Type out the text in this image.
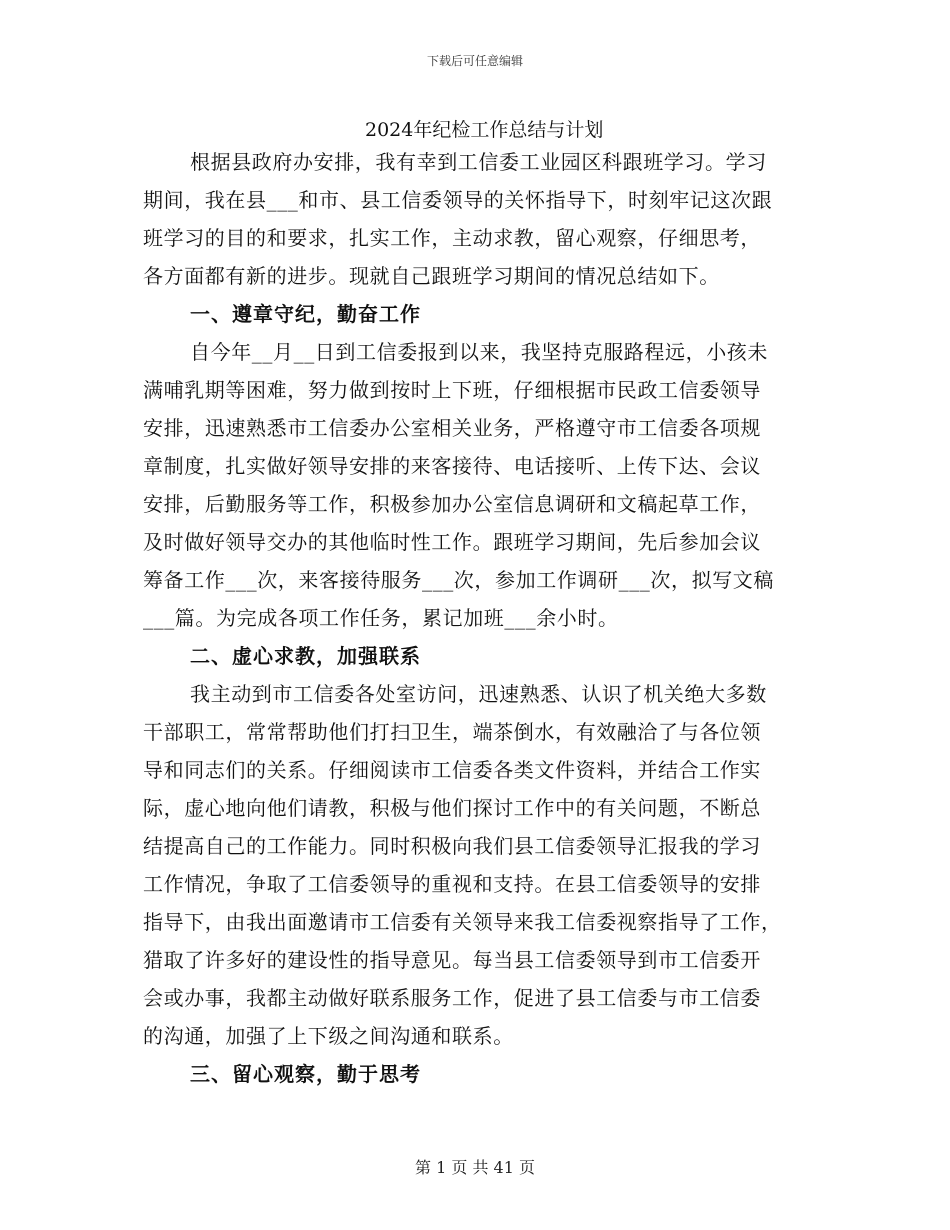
下载后可任意编辑
2024年纪检工作总结与计划
根据县政府办安排，我有幸到工信委工业园区科跟班学习。学习
期间，我在县___和市、县工信委领导的关怀指导下，时刻牢记这次跟
班学习的目的和要求，扎实工作，主动求教，留心观察，仔细思考，
各方面都有新的进步。现就自己跟班学习期间的情况总结如下。
一、遵章守纪，勤奋工作
自今年__月__日到工信委报到以来，我坚持克服路程远，小孩未
满哺乳期等困难，努力做到按时上下班，仔细根据市民政工信委领导
安排，迅速熟悉市工信委办公室相关业务，严格遵守市工信委各项规
章制度，扎实做好领导安排的来客接待、电话接听、上传下达、会议
安排，后勤服务等工作，积极参加办公室信息调研和文稿起草工作，
及时做好领导交办的其他临时性工作。跟班学习期间，先后参加会议
筹备工作___次，来客接待服务___次，参加工作调研___次，拟写文稿
___篇。为完成各项工作任务，累记加班___余小时。
二、虚心求教，加强联系
我主动到市工信委各处室访问，迅速熟悉、认识了机关绝大多数
干部职工，常常帮助他们打扫卫生，端茶倒水，有效融洽了与各位领
导和同志们的关系。仔细阅读市工信委各类文件资料，并结合工作实
际，虚心地向他们请教，积极与他们探讨工作中的有关问题，不断总
结提高自己的工作能力。同时积极向我们县工信委领导汇报我的学习
工作情况，争取了工信委领导的重视和支持。在县工信委领导的安排
指导下，由我出面邀请市工信委有关领导来我工信委视察指导了工作，
猎取了许多好的建设性的指导意见。每当县工信委领导到市工信委开
会或办事，我都主动做好联系服务工作，促进了县工信委与市工信委
的沟通，加强了上下级之间沟通和联系。
三、留心观察，勤于思考
第 1 页 共 41 页
